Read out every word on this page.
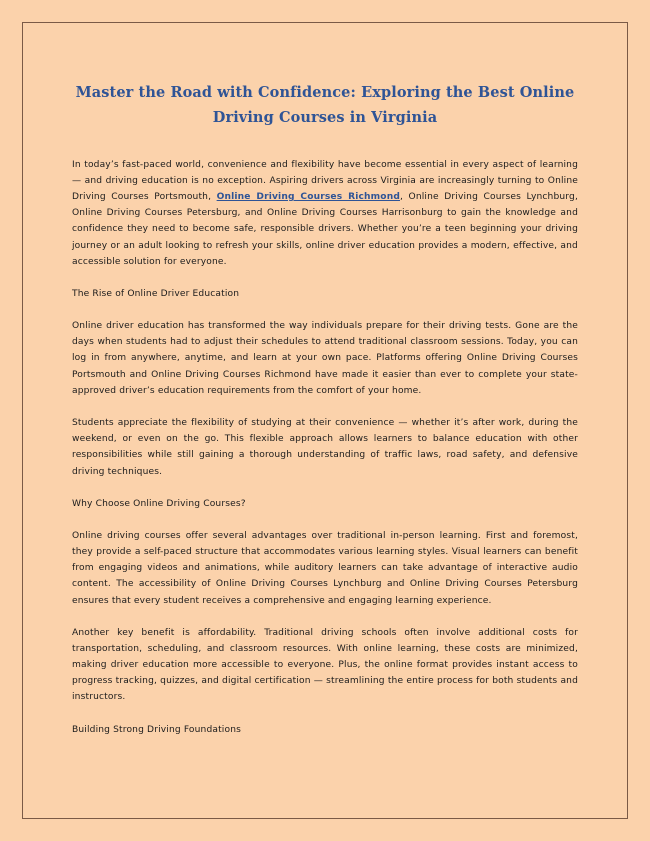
Master the Road with Confidence: Exploring the Best Online Driving Courses in Virginia

In today’s fast-paced world, convenience and flexibility have become essential in every aspect of learning — and driving education is no exception. Aspiring drivers across Virginia are increasingly turning to Online Driving Courses Portsmouth, Online Driving Courses Richmond, Online Driving Courses Lynchburg, Online Driving Courses Petersburg, and Online Driving Courses Harrisonburg to gain the knowledge and confidence they need to become safe, responsible drivers. Whether you’re a teen beginning your driving journey or an adult looking to refresh your skills, online driver education provides a modern, effective, and accessible solution for everyone.

The Rise of Online Driver Education

Online driver education has transformed the way individuals prepare for their driving tests. Gone are the days when students had to adjust their schedules to attend traditional classroom sessions. Today, you can log in from anywhere, anytime, and learn at your own pace. Platforms offering Online Driving Courses Portsmouth and Online Driving Courses Richmond have made it easier than ever to complete your state-approved driver’s education requirements from the comfort of your home.

Students appreciate the flexibility of studying at their convenience — whether it’s after work, during the weekend, or even on the go. This flexible approach allows learners to balance education with other responsibilities while still gaining a thorough understanding of traffic laws, road safety, and defensive driving techniques.

Why Choose Online Driving Courses?

Online driving courses offer several advantages over traditional in-person learning. First and foremost, they provide a self-paced structure that accommodates various learning styles. Visual learners can benefit from engaging videos and animations, while auditory learners can take advantage of interactive audio content. The accessibility of Online Driving Courses Lynchburg and Online Driving Courses Petersburg ensures that every student receives a comprehensive and engaging learning experience.

Another key benefit is affordability. Traditional driving schools often involve additional costs for transportation, scheduling, and classroom resources. With online learning, these costs are minimized, making driver education more accessible to everyone. Plus, the online format provides instant access to progress tracking, quizzes, and digital certification — streamlining the entire process for both students and instructors.

Building Strong Driving Foundations
